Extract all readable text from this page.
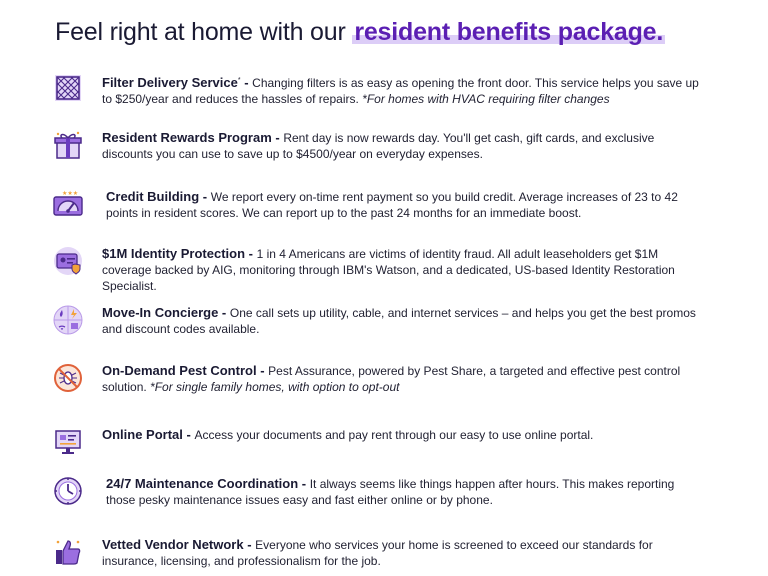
Feel right at home with our resident benefits package.
Filter Delivery Service* - Changing filters is as easy as opening the front door. This service helps you save up to $250/year and reduces the hassles of repairs. *For homes with HVAC requiring filter changes
Resident Rewards Program - Rent day is now rewards day. You'll get cash, gift cards, and exclusive discounts you can use to save up to $4500/year on everyday expenses.
★★★ Credit Building - We report every on-time rent payment so you build credit. Average increases of 23 to 42 points in resident scores. We can report up to the past 24 months for an immediate boost.
$1M Identity Protection - 1 in 4 Americans are victims of identity fraud. All adult leaseholders get $1M coverage backed by AIG, monitoring through IBM's Watson, and a dedicated, US-based Identity Restoration Specialist.
Move-In Concierge - One call sets up utility, cable, and internet services – and helps you get the best promos and discount codes available.
On-Demand Pest Control - Pest Assurance, powered by Pest Share, a targeted and effective pest control solution. *For single family homes, with option to opt-out
Online Portal - Access your documents and pay rent through our easy to use online portal.
24/7 Maintenance Coordination - It always seems like things happen after hours. This makes reporting those pesky maintenance issues easy and fast either online or by phone.
Vetted Vendor Network - Everyone who services your home is screened to exceed our standards for insurance, licensing, and professionalism for the job.
